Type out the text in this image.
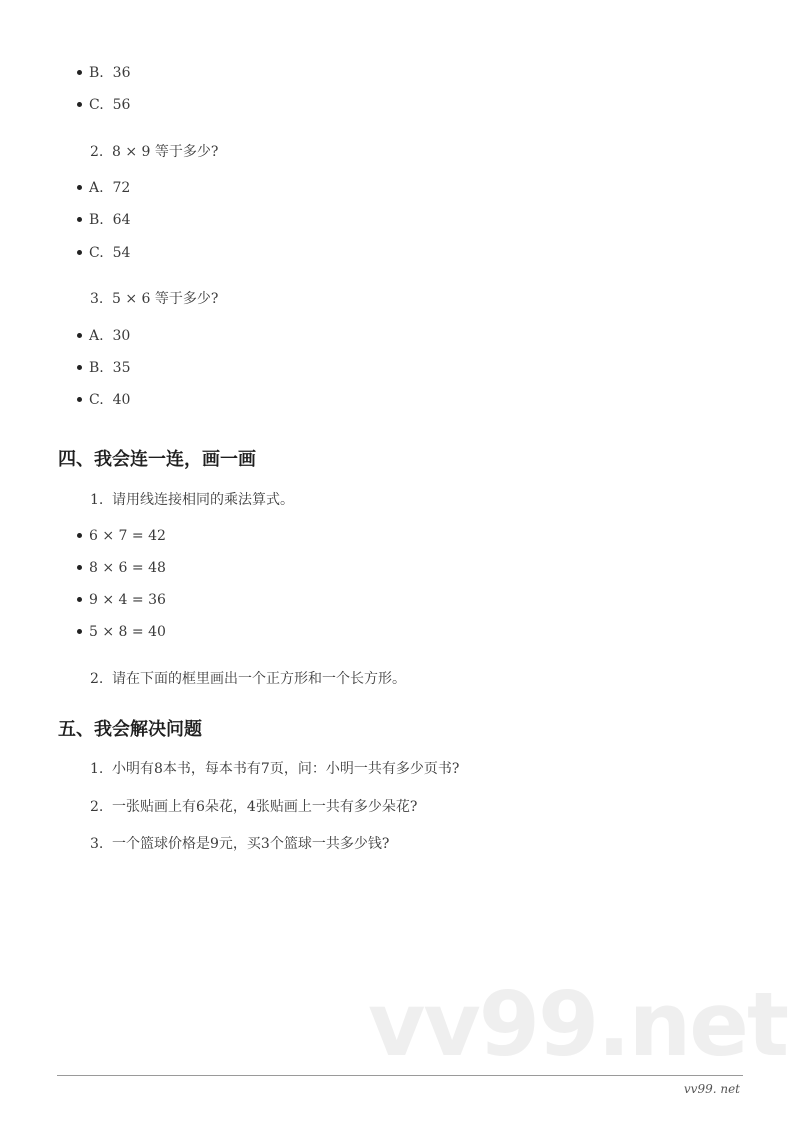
B. 36
C. 56
2. 8 × 9 等于多少?
A. 72
B. 64
C. 54
3. 5 × 6 等于多少?
A. 30
B. 35
C. 40
四、我会连一连，画一画
1. 请用线连接相同的乘法算式。
6 × 7 = 42
8 × 6 = 48
9 × 4 = 36
5 × 8 = 40
2. 请在下面的框里画出一个正方形和一个长方形。
五、我会解决问题
1. 小明有8本书，每本书有7页，问：小明一共有多少页书?
2. 一张贴画上有6朵花，4张贴画上一共有多少朵花?
3. 一个篮球价格是9元，买3个篮球一共多少钱?
vv99.net
vv99. net
